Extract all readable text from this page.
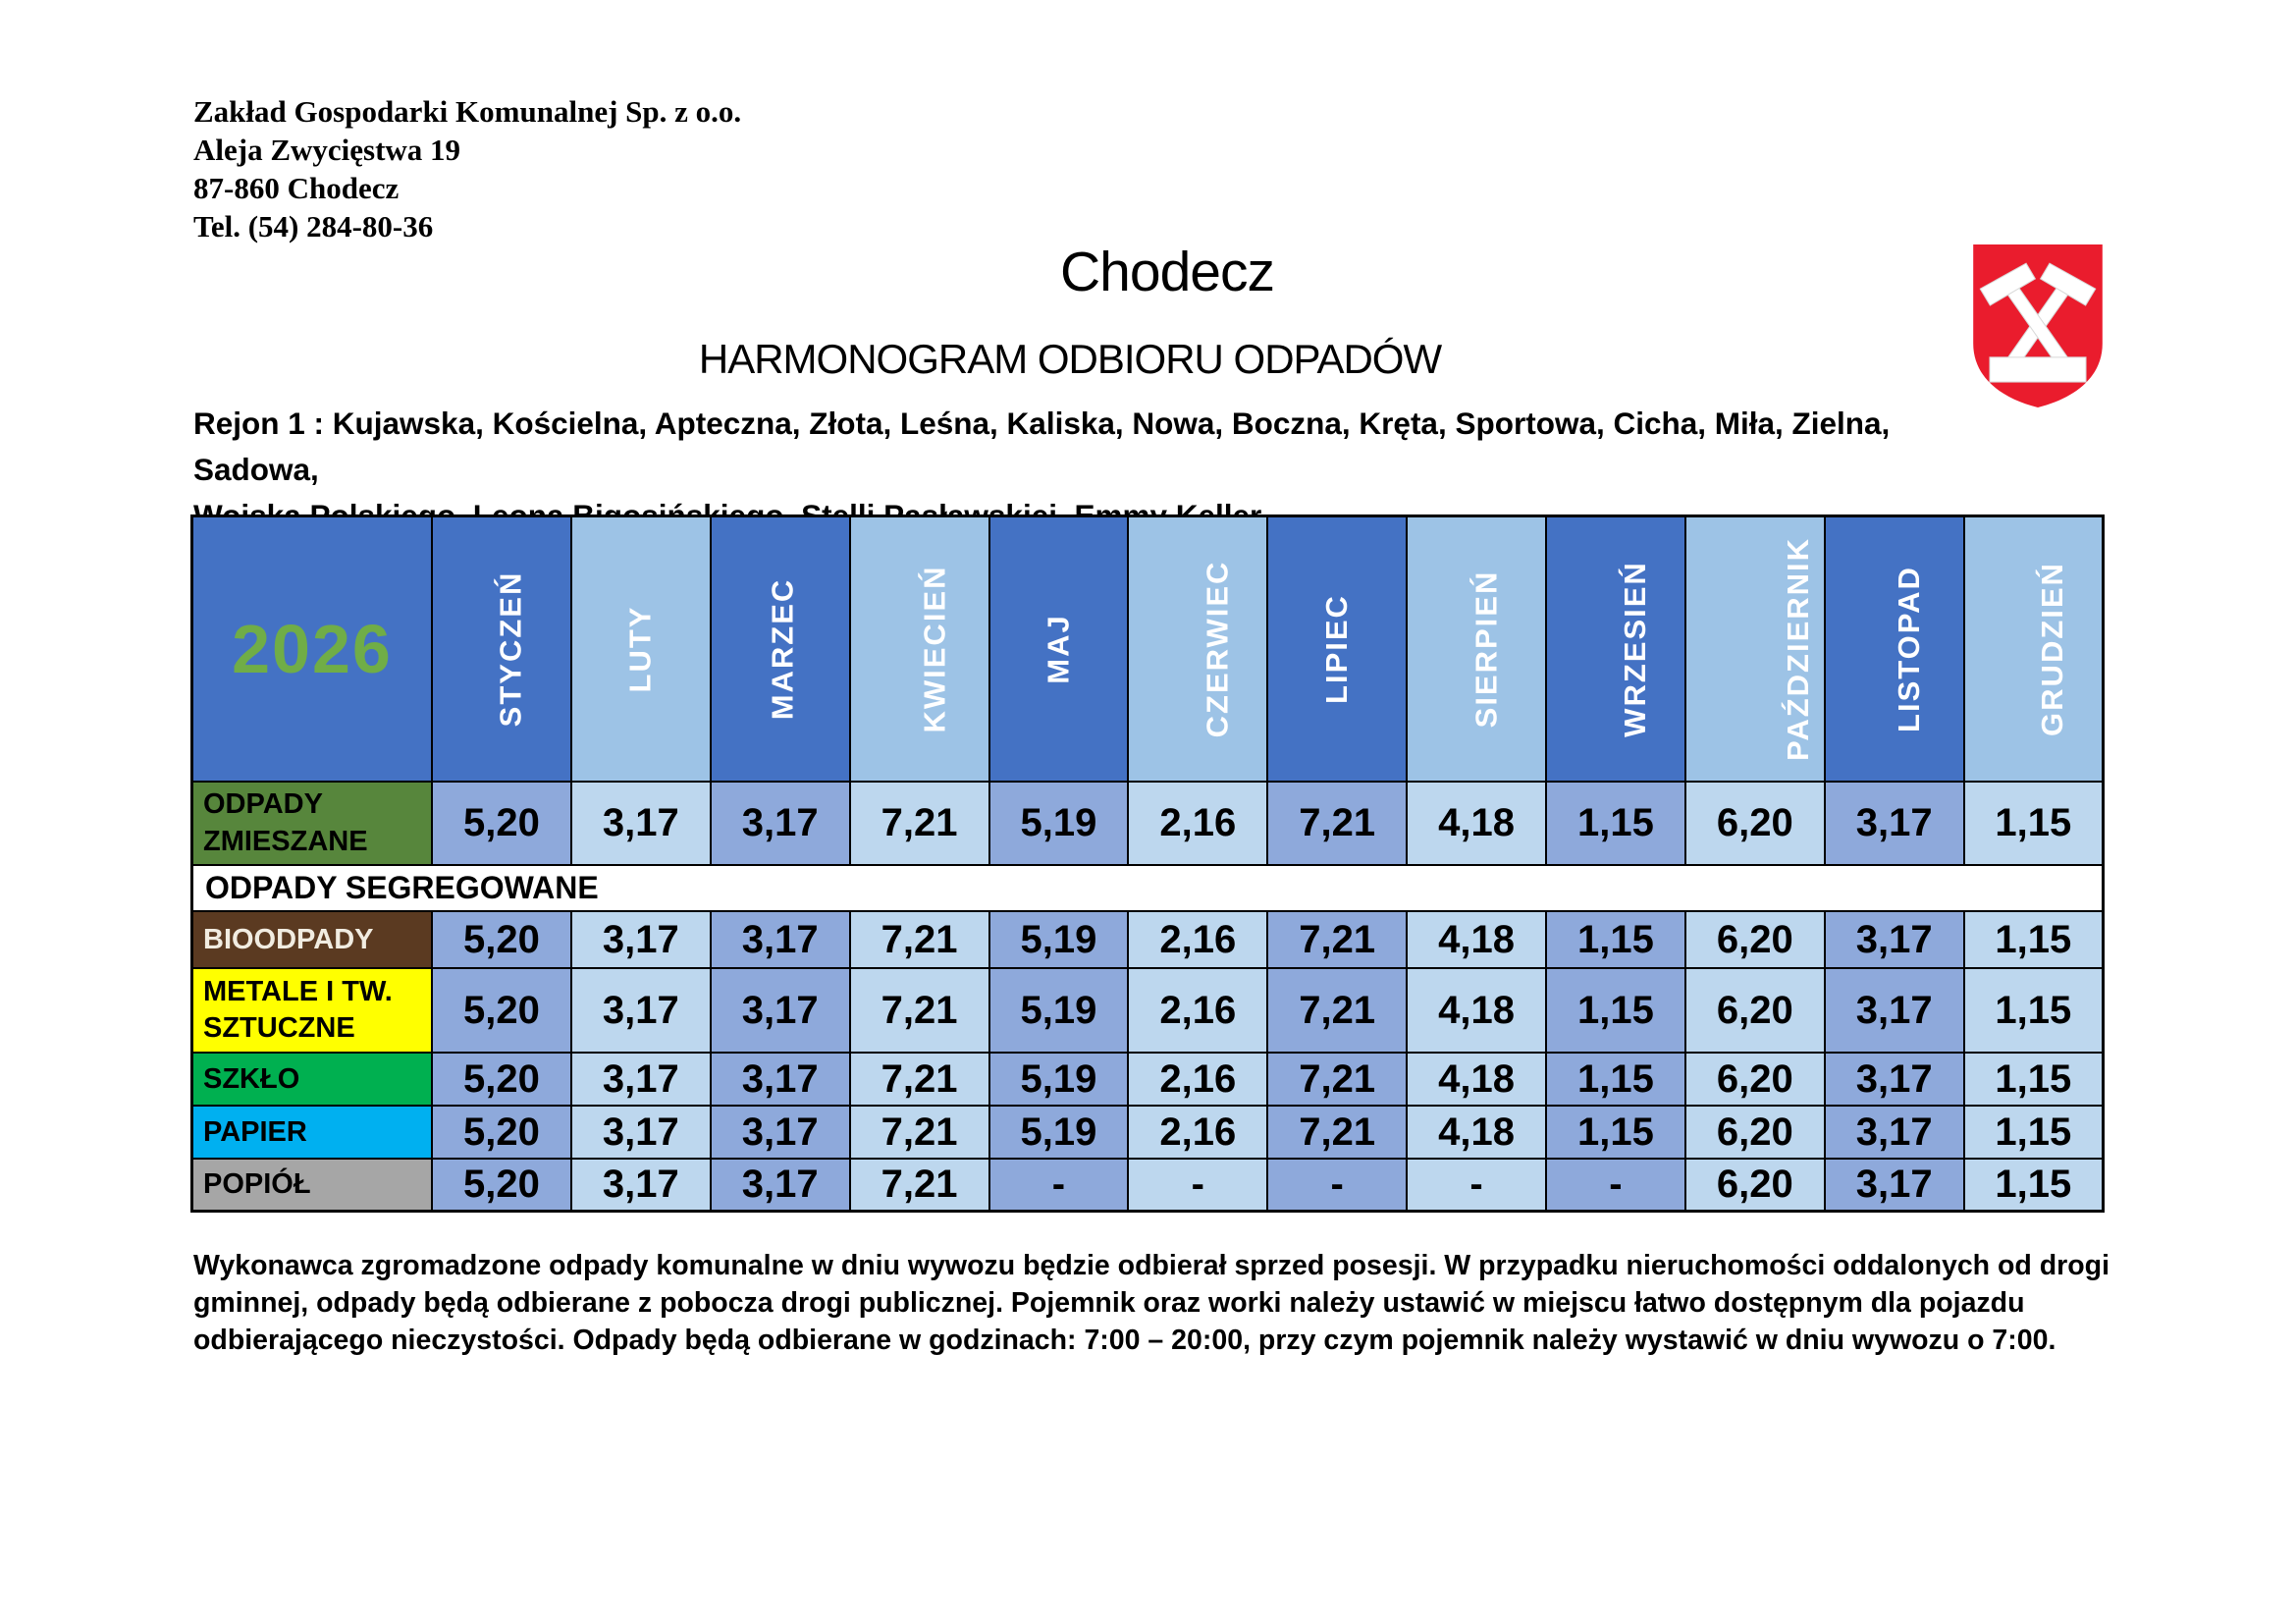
Zakład Gospodarki Komunalnej Sp. z o.o.
Aleja Zwycięstwa 19
87-860 Chodecz
Tel. (54) 284-80-36
Chodecz
HARMONOGRAM ODBIORU ODPADÓW
Rejon 1 : Kujawska, Kościelna, Apteczna, Złota, Leśna, Kaliska, Nowa, Boczna, Kręta, Sportowa, Cicha, Miła, Zielna, Sadowa,
2026	STYCZEŃ	LUTY	MARZEC	KWIECIEŃ	MAJ	CZERWIEC	LIPIEC	SIERPIEŃ	WRZESIEŃ	PAŹDZIERNIK	LISTOPAD	GRUDZIEŃ
ODPADY ZMIESZANE	5,20	3,17	3,17	7,21	5,19	2,16	7,21	4,18	1,15	6,20	3,17	1,15
ODPADY SEGREGOWANE												
BIOODPADY	5,20	3,17	3,17	7,21	5,19	2,16	7,21	4,18	1,15	6,20	3,17	1,15
METALE I TW. SZTUCZNE	5,20	3,17	3,17	7,21	5,19	2,16	7,21	4,18	1,15	6,20	3,17	1,15
SZKŁO	5,20	3,17	3,17	7,21	5,19	2,16	7,21	4,18	1,15	6,20	3,17	1,15
PAPIER	5,20	3,17	3,17	7,21	5,19	2,16	7,21	4,18	1,15	6,20	3,17	1,15
POPIÓŁ	5,20	3,17	3,17	7,21	-	-	-	-	-	6,20	3,17	1,15
Wykonawca zgromadzone odpady komunalne w dniu wywozu będzie odbierał sprzed posesji. W przypadku nieruchomości oddalonych od drogi gminnej, odpady będą odbierane z pobocza drogi publicznej. Pojemnik oraz worki należy ustawić w miejscu łatwo dostępnym dla pojazdu odbierającego nieczystości. Odpady będą odbierane w godzinach: 7:00 – 20:00, przy czym pojemnik należy wystawić w dniu wywozu o 7:00.
